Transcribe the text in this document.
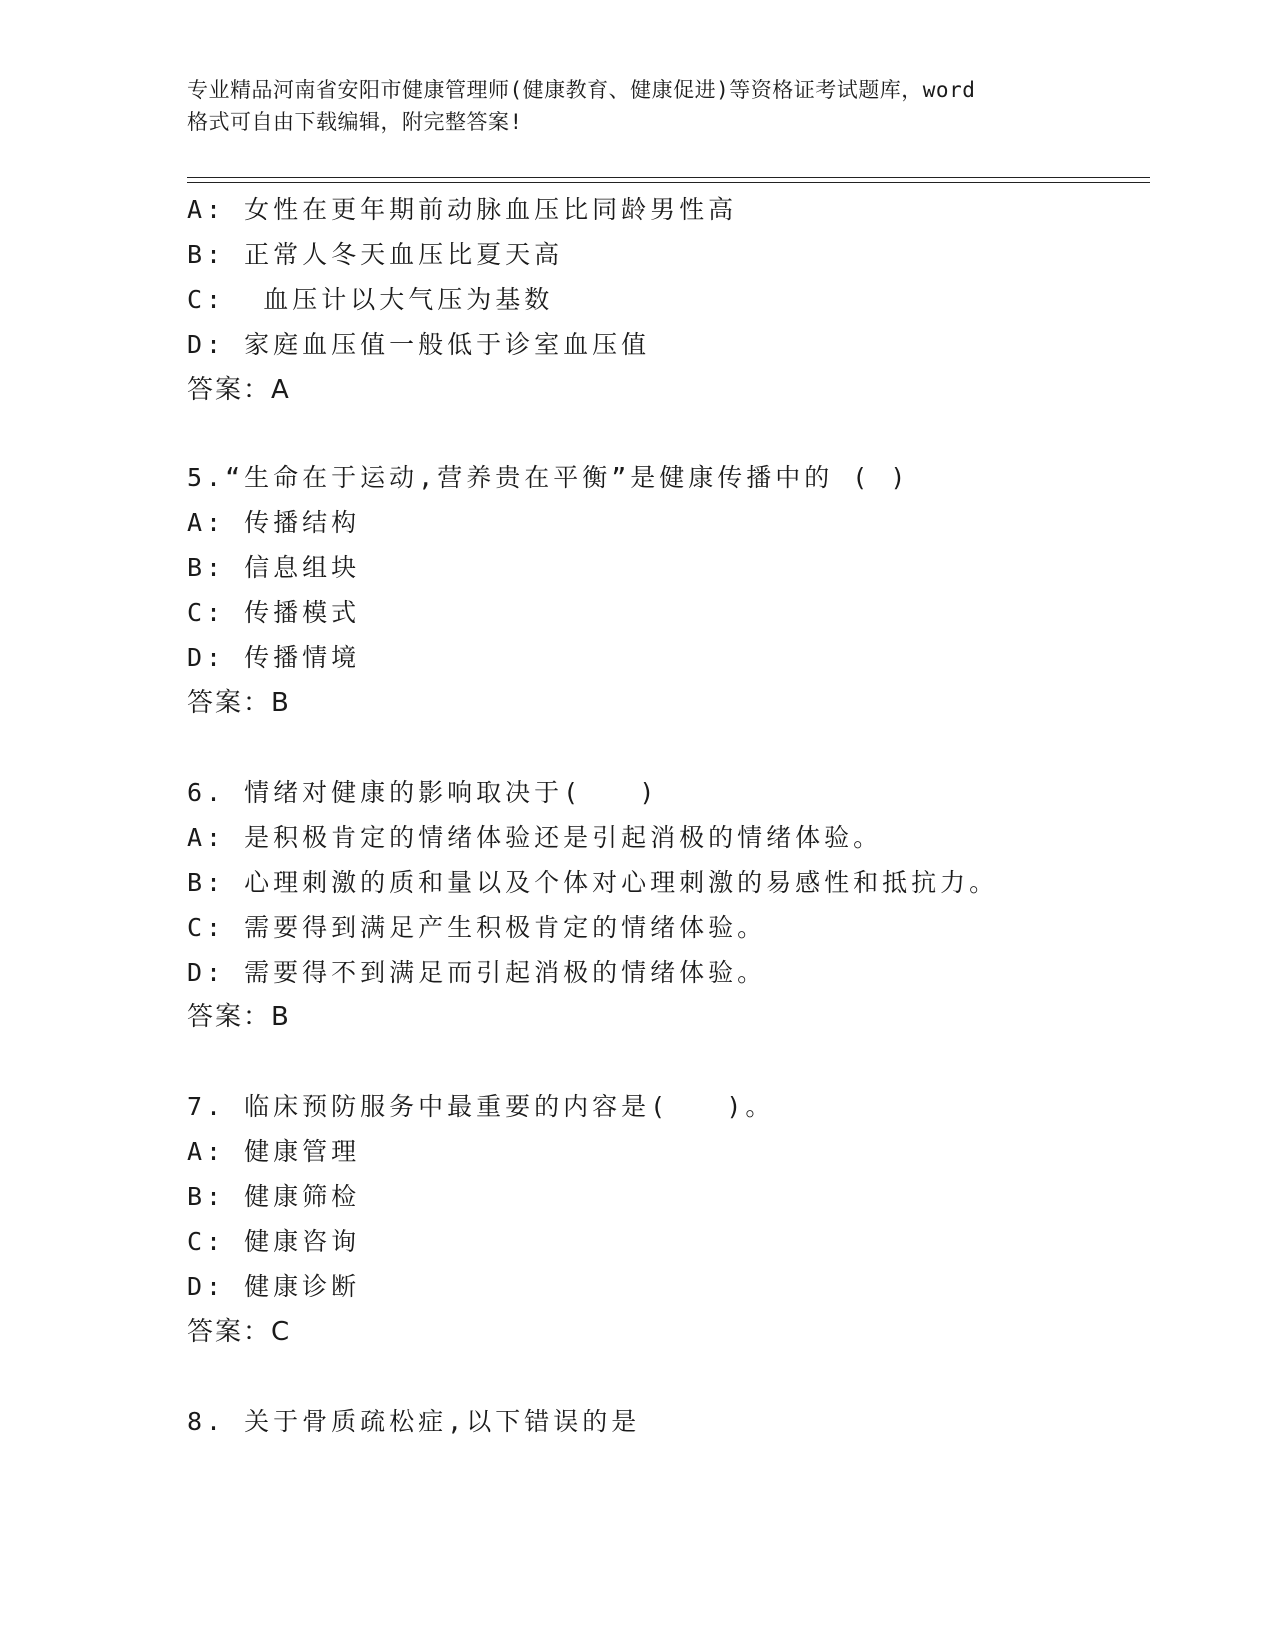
专业精品河南省安阳市健康管理师(健康教育、健康促进)等资格证考试题库，word
格式可自由下载编辑，附完整答案!
A: 女性在更年期前动脉血压比同龄男性高
B: 正常人冬天血压比夏天高
C:  血压计以大气压为基数
D: 家庭血压值一般低于诊室血压值
答案：A
5.“生命在于运动,营养贵在平衡”是健康传播中的 ( )
A: 传播结构
B: 信息组块
C: 传播模式
D: 传播情境
答案：B
6. 情绪对健康的影响取决于(   )
A: 是积极肯定的情绪体验还是引起消极的情绪体验。
B: 心理刺激的质和量以及个体对心理刺激的易感性和抵抗力。
C: 需要得到满足产生积极肯定的情绪体验。
D: 需要得不到满足而引起消极的情绪体验。
答案：B
7. 临床预防服务中最重要的内容是(   )。
A: 健康管理
B: 健康筛检
C: 健康咨询
D: 健康诊断
答案：C
8. 关于骨质疏松症,以下错误的是
